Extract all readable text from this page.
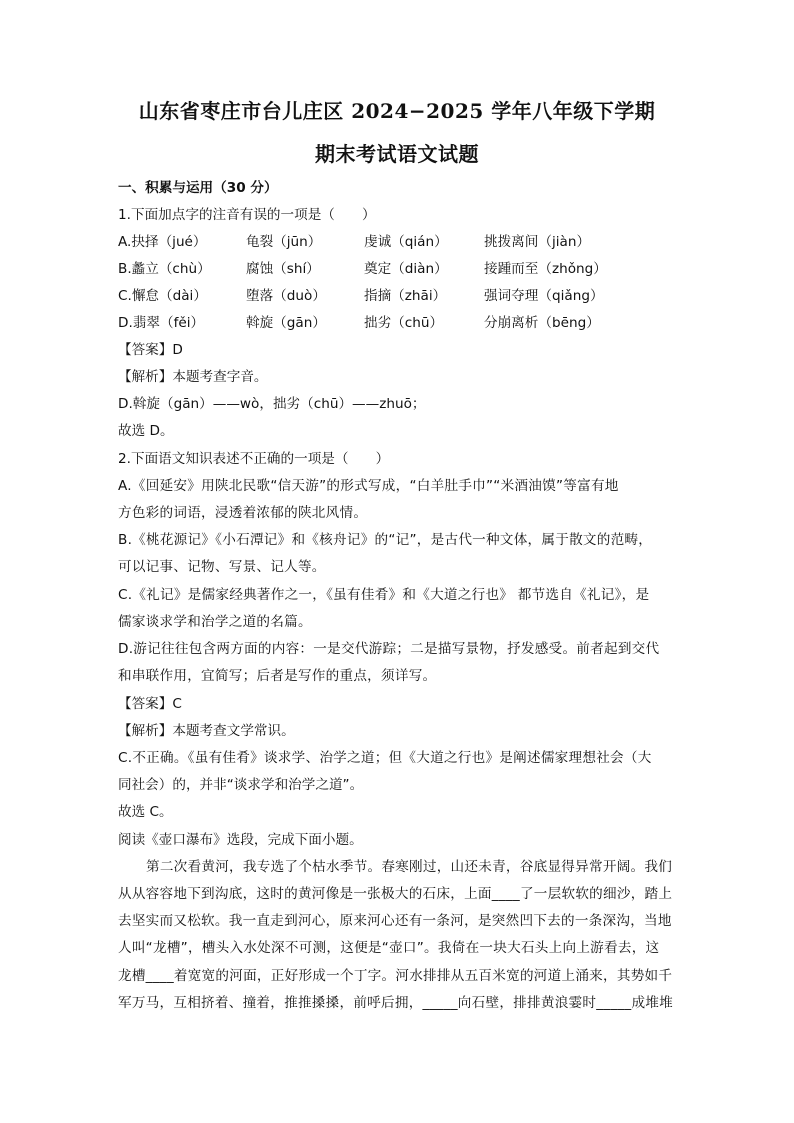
山东省枣庄市台儿庄区 2024−2025 学年八年级下学期
期末考试语文试题
一、积累与运用（30 分）
1.下面加点字的注音有误的一项是（　　）
A.抉择（jué）	龟裂（jūn）	虔诚（qián）	挑拨离间（jiàn）
B.蠡立（chù）	腐蚀（shí）	奠定（diàn）	接踵而至（zhǒng）
C.懈怠（dài）	堕落（duò）	指摘（zhāi）	强词夺理（qiǎng）
D.翡翠（fěi）	斡旋（gān）	拙劣（chū）	分崩离析（bēng）
【答案】D
【解析】本题考查字音。
D.斡旋（gān）——wò，拙劣（chū）——zhuō；
故选 D。
2.下面语文知识表述不正确的一项是（　　）
A.《回延安》用陕北民歌“信天游”的形式写成，“白羊肚手巾”“米酒油馍”等富有地
方色彩的词语，浸透着浓郁的陕北风情。
B.《桃花源记》《小石潭记》和《核舟记》的“记”，是古代一种文体，属于散文的范畴，
可以记事、记物、写景、记人等。
C.《礼记》是儒家经典著作之一，《虽有佳肴》和《大道之行也》 都节选自《礼记》，是
儒家谈求学和治学之道的名篇。
D.游记往往包含两方面的内容：一是交代游踪；二是描写景物，抒发感受。前者起到交代
和串联作用，宜简写；后者是写作的重点，须详写。
【答案】C
【解析】本题考查文学常识。
C.不正确。《虽有佳肴》谈求学、治学之道；但《大道之行也》是阐述儒家理想社会（大
同社会）的，并非“谈求学和治学之道”。
故选 C。
阅读《壶口瀑布》选段，完成下面小题。
第二次看黄河，我专选了个枯水季节。春寒刚过，山还未青，谷底显得异常开阔。我们
从从容容地下到沟底，这时的黄河像是一张极大的石床，上面____了一层软软的细沙，踏上
去坚实而又松软。我一直走到河心，原来河心还有一条河，是突然凹下去的一条深沟，当地
人叫“龙槽”，槽头入水处深不可测，这便是“壶口”。我倚在一块大石头上向上游看去，这
龙槽____着宽宽的河面，正好形成一个丁字。河水排排从五百米宽的河道上涌来，其势如千
军万马，互相挤着、撞着，推推搡搡，前呼后拥，_____向石壁，排排黄浪霎时_____成堆堆
